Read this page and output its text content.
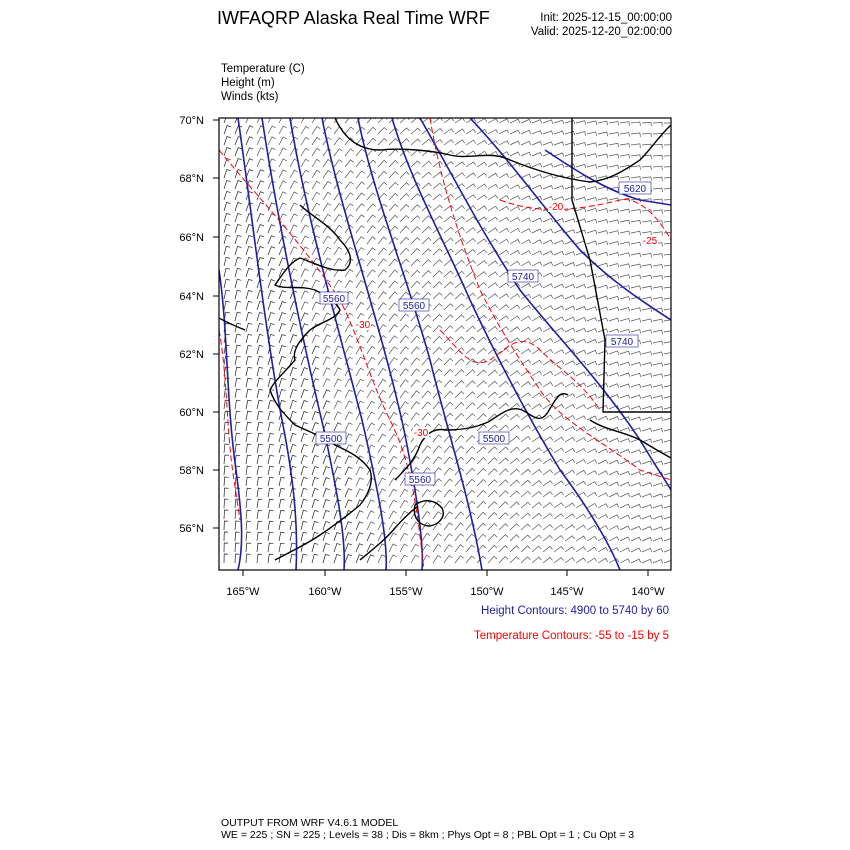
70°N
68°N
66°N
64°N
62°N
60°N
58°N
56°N
165°W	160°W	155°W	150°W	145°W	140°W
5620
5740
5740
5560
5560
5500
5560
5500
-30
-30
-20
-25
IWFAQRP Alaska Real Time WRF	Init: 2025-12-15_00:00:00
Valid: 2025-12-20_02:00:00
Temperature (C)
Height (m)
Winds (kts)
Height Contours: 4900 to 5740 by 60
Temperature Contours: -55 to -15 by 5
OUTPUT FROM WRF V4.6.1 MODEL
WE = 225 ; SN = 225 ; Levels = 38 ; Dis = 8km ; Phys Opt = 8 ; PBL Opt = 1 ; Cu Opt = 3
